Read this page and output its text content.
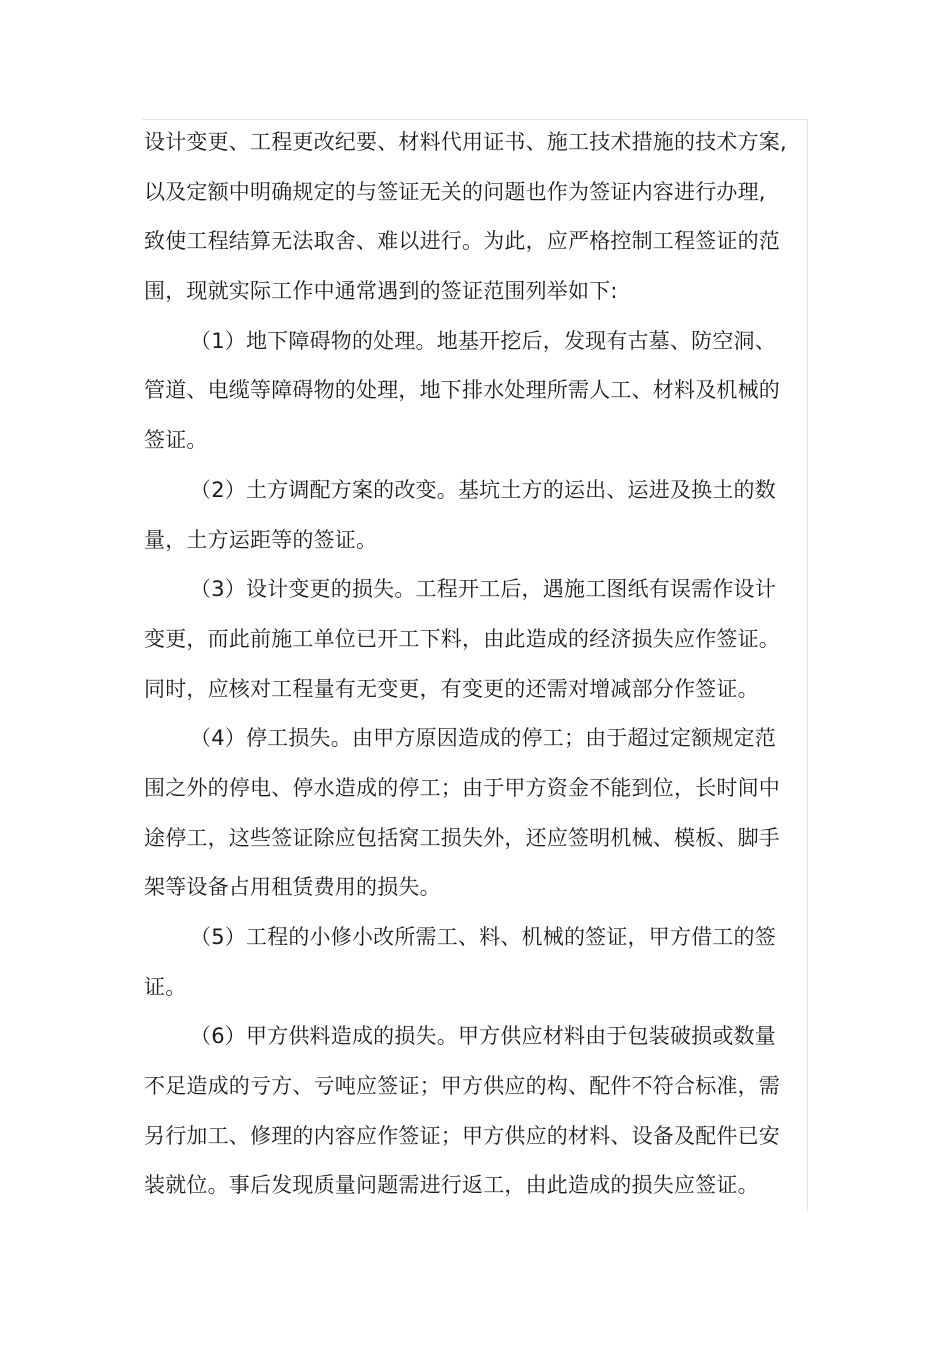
设计变更、工程更改纪要、材料代用证书、施工技术措施的技术方案,
以及定额中明确规定的与签证无关的问题也作为签证内容进行办理,
致使工程结算无法取舍、难以进行。为此，应严格控制工程签证的范
围，现就实际工作中通常遇到的签证范围列举如下:
（1）地下障碍物的处理。地基开挖后，发现有古墓、防空洞、
管道、电缆等障碍物的处理，地下排水处理所需人工、材料及机械的
签证。
（2）土方调配方案的改变。基坑土方的运出、运进及换土的数
量，土方运距等的签证。
（3）设计变更的损失。工程开工后，遇施工图纸有误需作设计
变更，而此前施工单位已开工下料，由此造成的经济损失应作签证。
同时，应核对工程量有无变更，有变更的还需对增减部分作签证。
（4）停工损失。由甲方原因造成的停工；由于超过定额规定范
围之外的停电、停水造成的停工；由于甲方资金不能到位，长时间中
途停工，这些签证除应包括窝工损失外，还应签明机械、模板、脚手
架等设备占用租赁费用的损失。
（5）工程的小修小改所需工、料、机械的签证，甲方借工的签
证。
（6）甲方供料造成的损失。甲方供应材料由于包装破损或数量
不足造成的亏方、亏吨应签证；甲方供应的构、配件不符合标准，需
另行加工、修理的内容应作签证；甲方供应的材料、设备及配件已安
装就位。事后发现质量问题需进行返工，由此造成的损失应签证。
